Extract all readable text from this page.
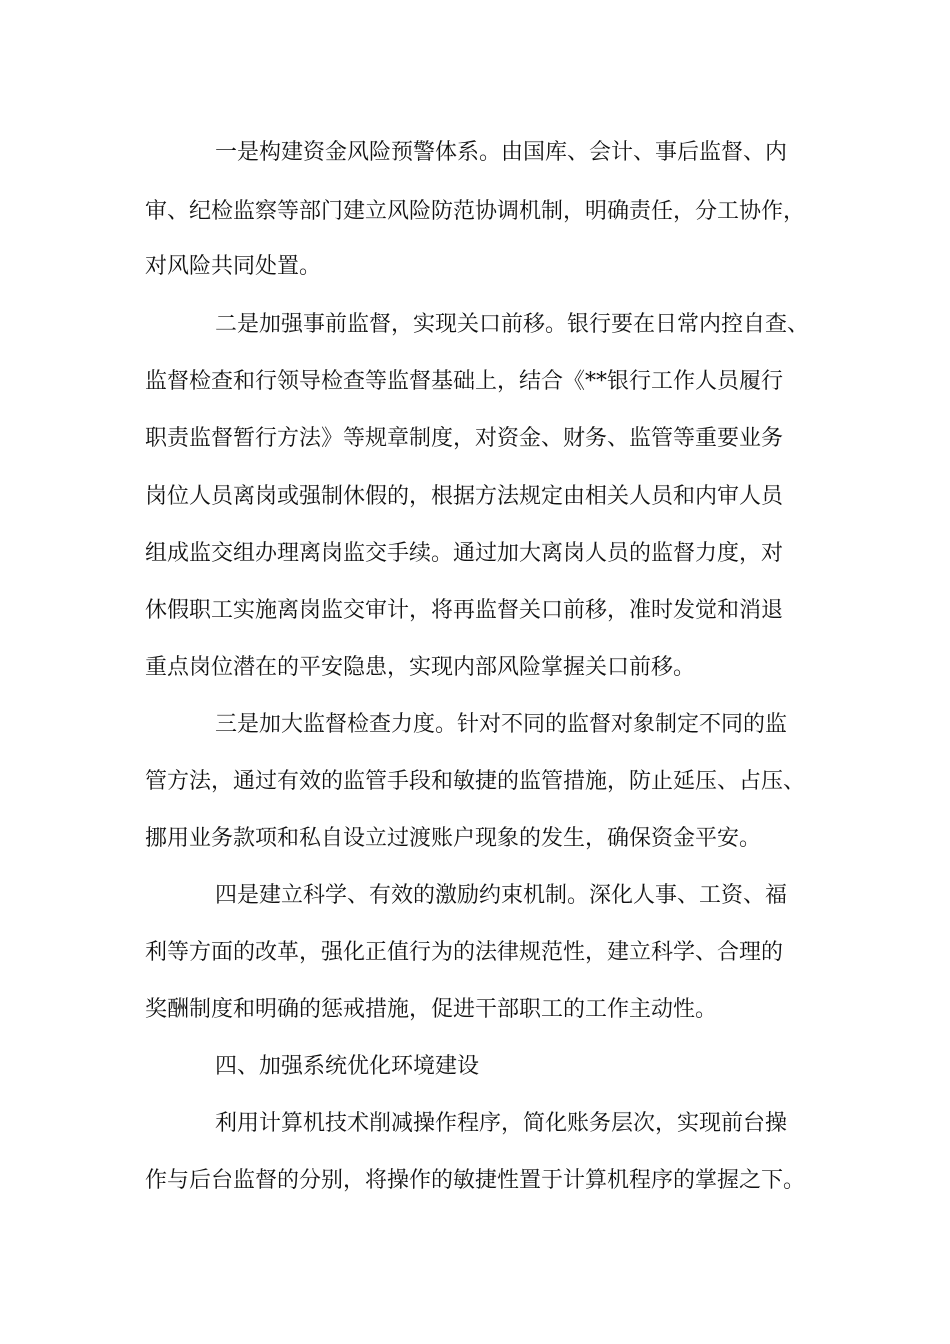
一是构建资金风险预警体系。由国库、会计、事后监督、内
审、纪检监察等部门建立风险防范协调机制，明确责任，分工协作，
对风险共同处置。
二是加强事前监督，实现关口前移。银行要在日常内控自查、
监督检查和行领导检查等监督基础上，结合《**银行工作人员履行
职责监督暂行方法》等规章制度，对资金、财务、监管等重要业务
岗位人员离岗或强制休假的，根据方法规定由相关人员和内审人员
组成监交组办理离岗监交手续。通过加大离岗人员的监督力度，对
休假职工实施离岗监交审计，将再监督关口前移，准时发觉和消退
重点岗位潜在的平安隐患，实现内部风险掌握关口前移。
三是加大监督检查力度。针对不同的监督对象制定不同的监
管方法，通过有效的监管手段和敏捷的监管措施，防止延压、占压、
挪用业务款项和私自设立过渡账户现象的发生，确保资金平安。
四是建立科学、有效的激励约束机制。深化人事、工资、福
利等方面的改革，强化正值行为的法律规范性，建立科学、合理的
奖酬制度和明确的惩戒措施，促进干部职工的工作主动性。
四、加强系统优化环境建设
利用计算机技术削减操作程序，简化账务层次，实现前台操
作与后台监督的分别，将操作的敏捷性置于计算机程序的掌握之下。
